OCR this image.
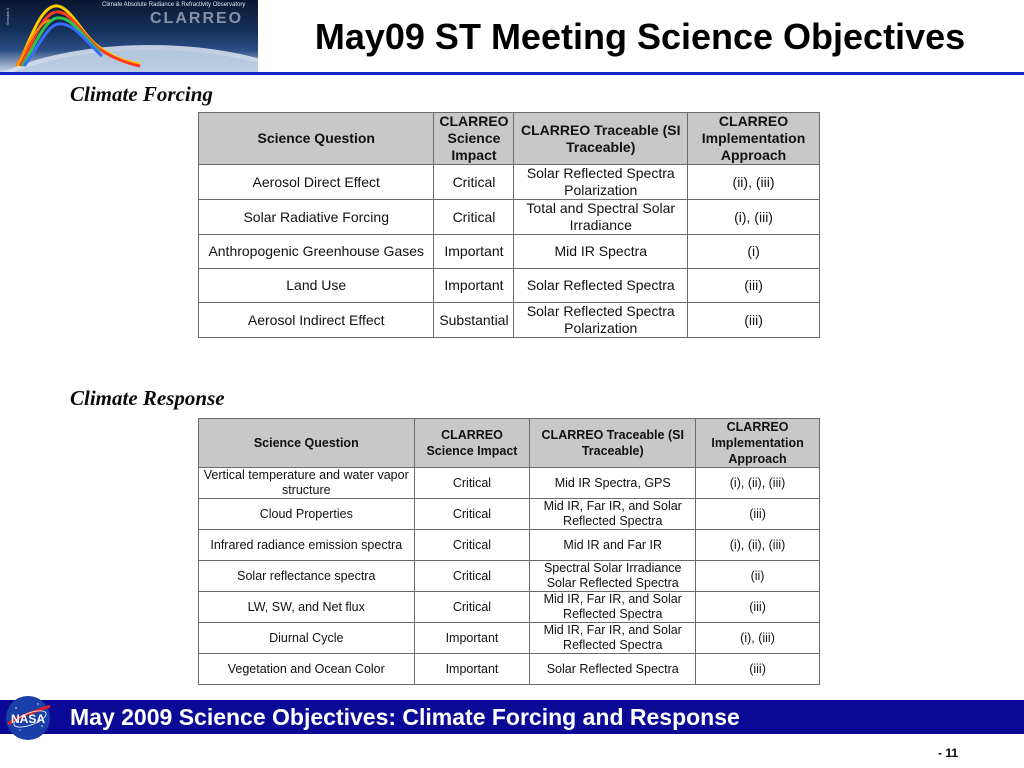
Climate Absolute Radiance & Refractivity Observatory
CLARREO
Session ll	May09 ST Meeting Science Objectives
Climate Forcing
Science Question	CLARREO Science Impact	CLARREO Traceable (SI Traceable)	CLARREO Implementation Approach
Aerosol Direct Effect	Critical	Solar Reflected Spectra Polarization	(ii), (iii)
Solar Radiative Forcing	Critical	Total and Spectral Solar Irradiance	(i), (iii)
Anthropogenic Greenhouse Gases	Important	Mid IR Spectra	(i)
Land Use	Important	Solar Reflected Spectra	(iii)
Aerosol Indirect Effect	Substantial	Solar Reflected Spectra Polarization	(iii)
Climate Response
Science Question	CLARREO Science Impact	CLARREO Traceable (SI Traceable)	CLARREO Implementation Approach
Vertical temperature and water vapor structure	Critical	Mid IR Spectra, GPS	(i), (ii), (iii)
Cloud Properties	Critical	Mid IR, Far IR, and Solar Reflected Spectra	(iii)
Infrared radiance emission spectra	Critical	Mid IR and Far IR	(i), (ii), (iii)
Solar reflectance spectra	Critical	Spectral Solar Irradiance Solar Reflected Spectra	(ii)
LW, SW, and Net flux	Critical	Mid IR, Far IR, and Solar Reflected Spectra	(iii)
Diurnal Cycle	Important	Mid IR, Far IR, and Solar Reflected Spectra	(i), (iii)
Vegetation and Ocean Color	Important	Solar Reflected Spectra	(iii)
May 2009 Science Objectives: Climate Forcing and Response
NASA
- 11
